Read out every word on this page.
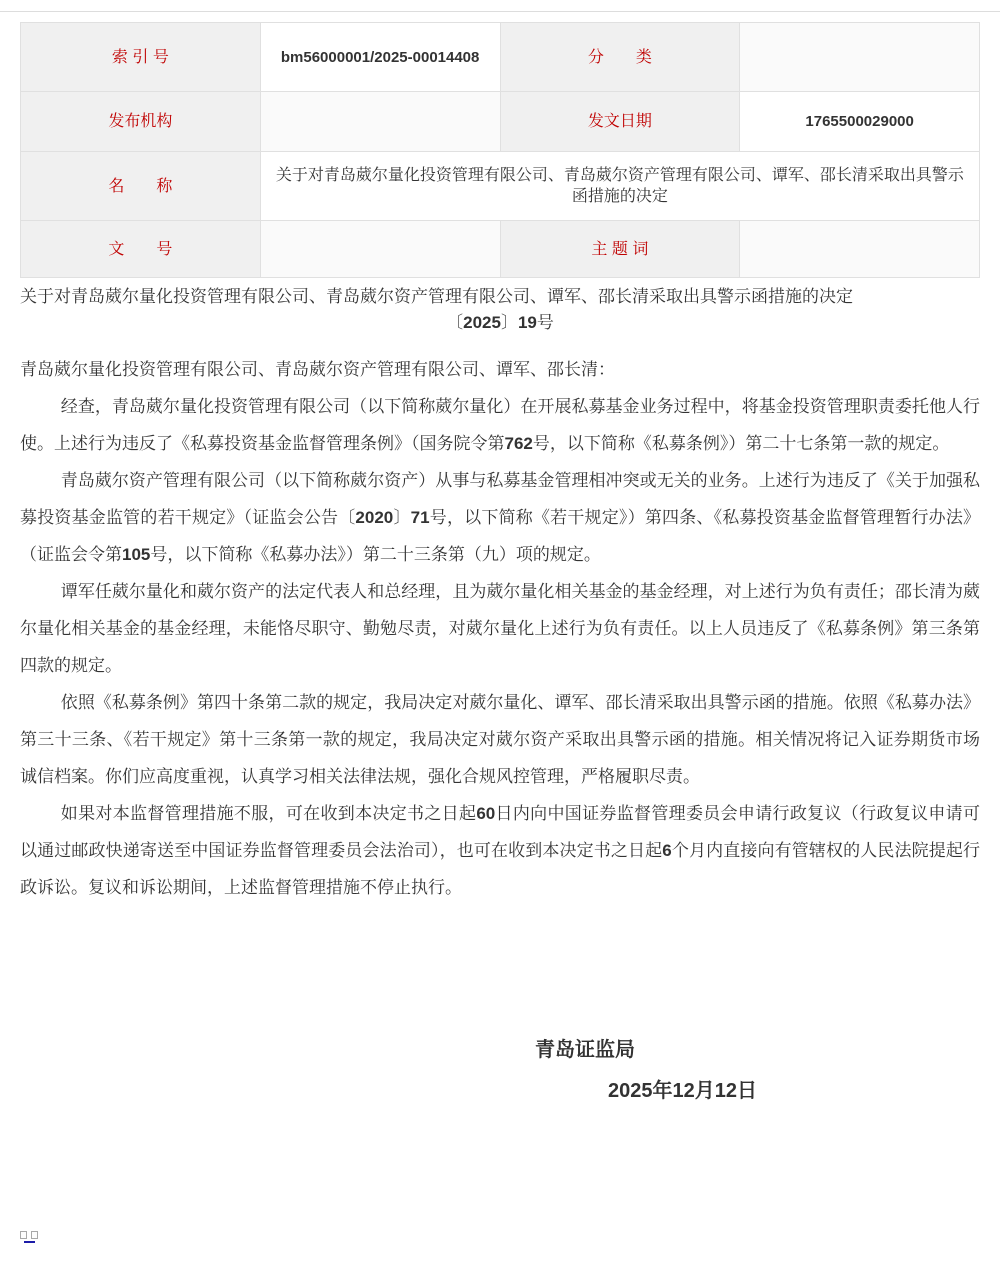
索 引 号	bm56000001/2025-00014408	分　　类	
发布机构		发文日期	1765500029000
名　　称	关于对青岛葳尔量化投资管理有限公司、青岛葳尔资产管理有限公司、谭军、邵长清采取出具警示函措施的决定		
文　　号		主 题 词	
关于对青岛葳尔量化投资管理有限公司、青岛葳尔资产管理有限公司、谭军、邵长清采取出具警示函措施的决定
〔2025〕19号
青岛葳尔量化投资管理有限公司、青岛葳尔资产管理有限公司、谭军、邵长清：

经查，青岛葳尔量化投资管理有限公司（以下简称葳尔量化）在开展私募基金业务过程中，将基金投资管理职责委托他人行使。上述行为违反了《私募投资基金监督管理条例》（国务院令第762号，以下简称《私募条例》）第二十七条第一款的规定。

青岛葳尔资产管理有限公司（以下简称葳尔资产）从事与私募基金管理相冲突或无关的业务。上述行为违反了《关于加强私募投资基金监管的若干规定》（证监会公告〔2020〕71号，以下简称《若干规定》）第四条、《私募投资基金监督管理暂行办法》（证监会令第105号，以下简称《私募办法》）第二十三条第（九）项的规定。

谭军任葳尔量化和葳尔资产的法定代表人和总经理，且为葳尔量化相关基金的基金经理，对上述行为负有责任；邵长清为葳尔量化相关基金的基金经理，未能恪尽职守、勤勉尽责，对葳尔量化上述行为负有责任。以上人员违反了《私募条例》第三条第四款的规定。

依照《私募条例》第四十条第二款的规定，我局决定对葳尔量化、谭军、邵长清采取出具警示函的措施。依照《私募办法》第三十三条、《若干规定》第十三条第一款的规定，我局决定对葳尔资产采取出具警示函的措施。相关情况将记入证券期货市场诚信档案。你们应高度重视，认真学习相关法律法规，强化合规风控管理，严格履职尽责。

如果对本监督管理措施不服，可在收到本决定书之日起60日内向中国证券监督管理委员会申请行政复议（行政复议申请可以通过邮政快递寄送至中国证券监督管理委员会法治司），也可在收到本决定书之日起6个月内直接向有管辖权的人民法院提起行政诉讼。复议和诉讼期间，上述监督管理措施不停止执行。

青岛证监局
2025年12月12日
